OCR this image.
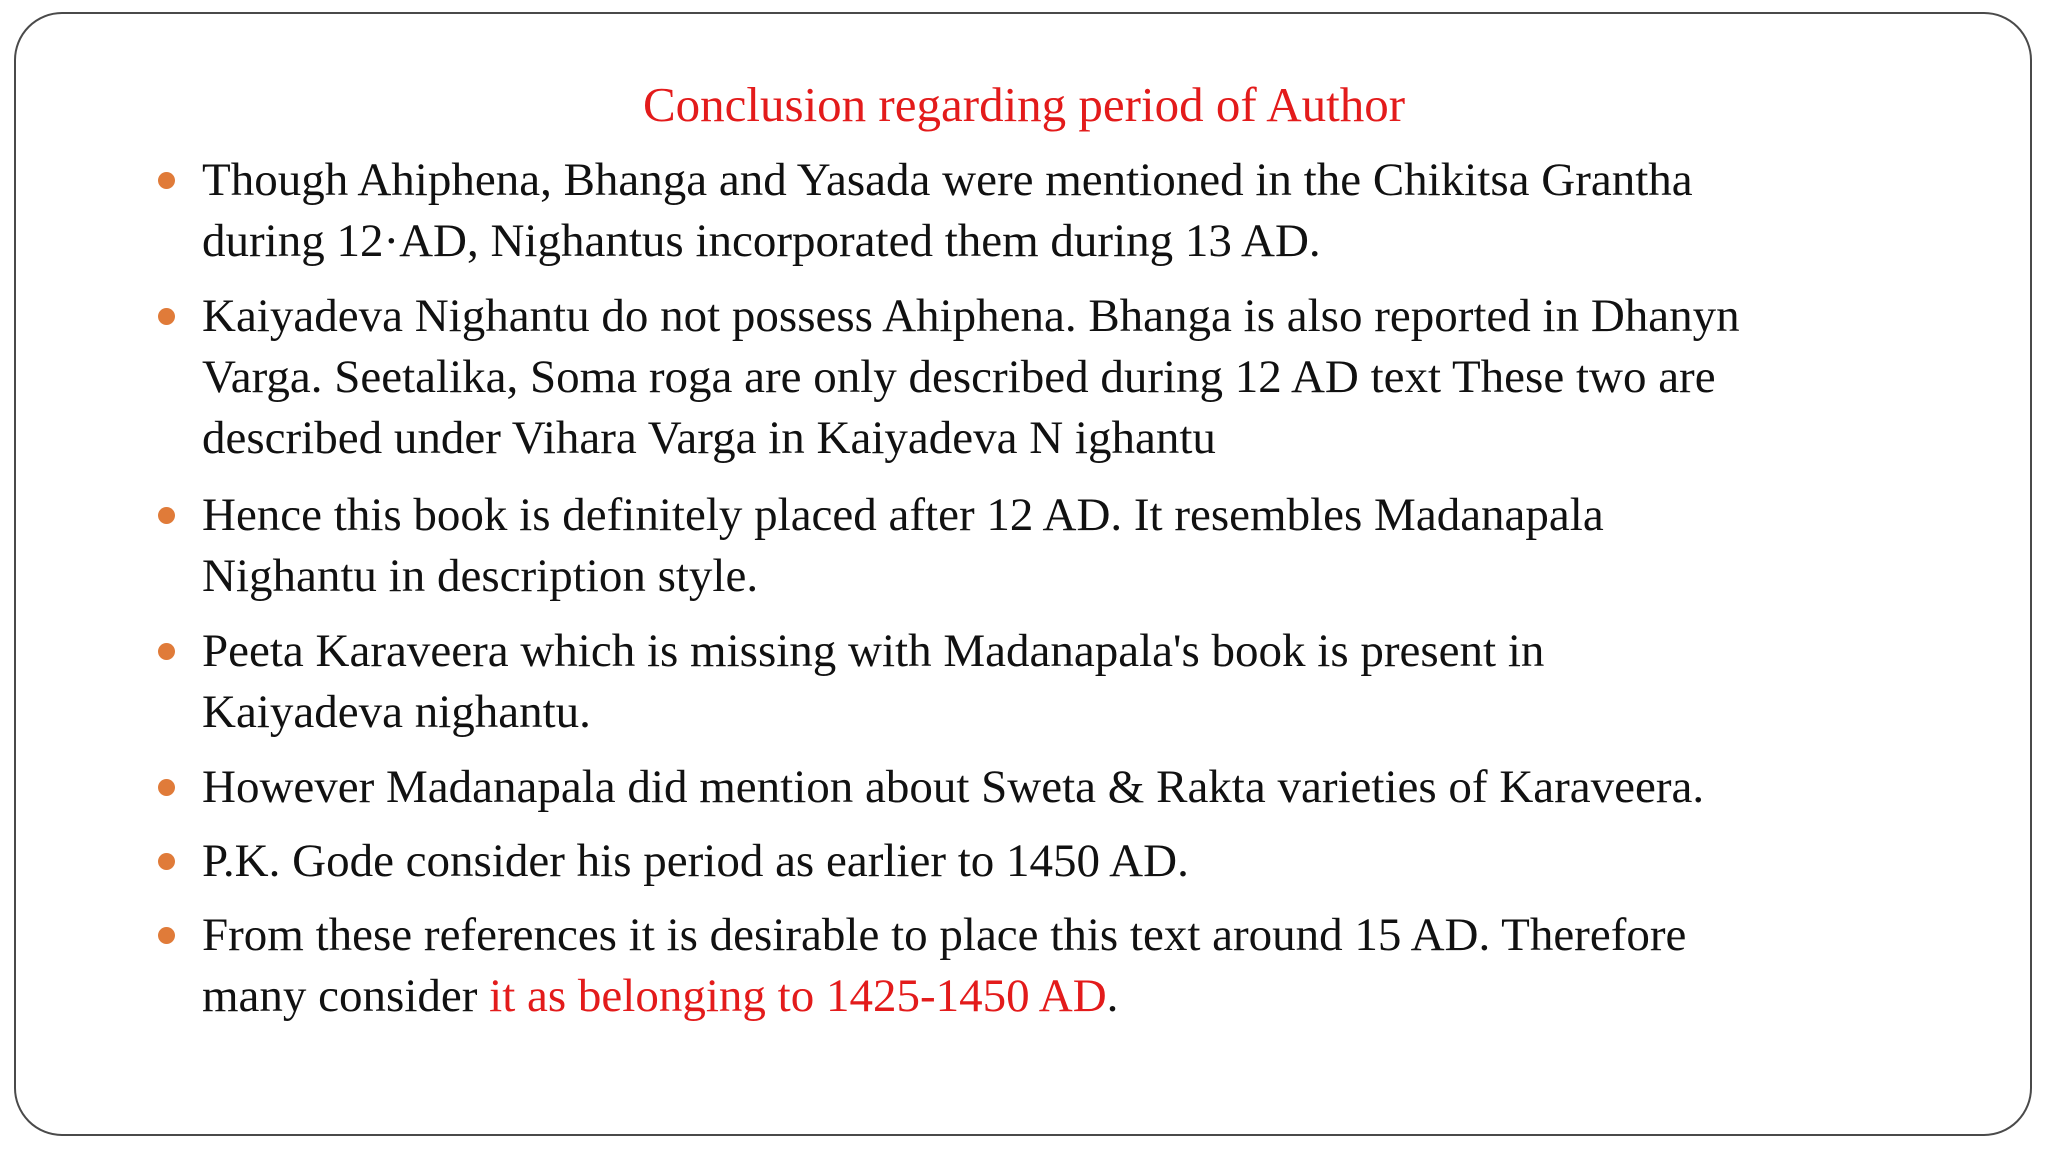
Conclusion regarding period of Author
Though Ahiphena, Bhanga and Yasada were mentioned in the Chikitsa Grantha
during 12·AD, Nighantus incorporated them during 13 AD.
Kaiyadeva Nighantu do not possess Ahiphena. Bhanga is also reported in Dhanyn
Varga. Seetalika, Soma roga are only described during 12 AD text These two are
described under Vihara Varga in Kaiyadeva N ighantu
Hence this book is definitely placed after 12 AD. It resembles Madanapala
Nighantu in description style.
Peeta Karaveera which is missing with Madanapala's book is present in
Kaiyadeva nighantu.
However Madanapala did mention about Sweta & Rakta varieties of Karaveera.
P.K. Gode consider his period as earlier to 1450 AD.
From these references it is desirable to place this text around 15 AD. Therefore
many consider it as belonging to 1425-1450 AD.
